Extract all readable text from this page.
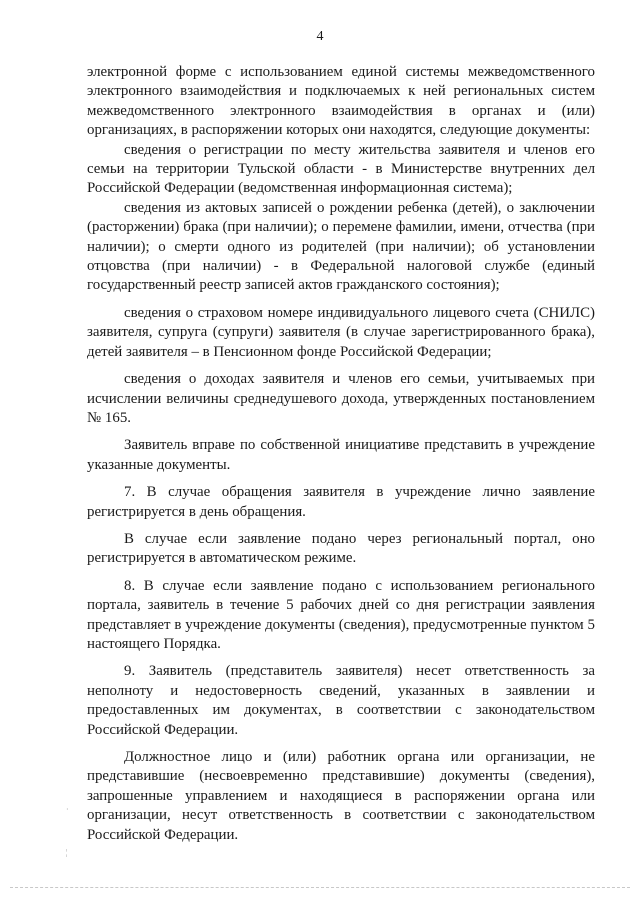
4

электронной форме с использованием единой системы межведомственного электронного взаимодействия и подключаемых к ней региональных систем межведомственного электронного взаимодействия в органах и (или) организациях, в распоряжении которых они находятся, следующие документы:

сведения о регистрации по месту жительства заявителя и членов его семьи на территории Тульской области - в Министерстве внутренних дел Российской Федерации (ведомственная информационная система);

сведения из актовых записей о рождении ребенка (детей), о заключении (расторжении) брака (при наличии); о перемене фамилии, имени, отчества (при наличии); о смерти одного из родителей (при наличии); об установлении отцовства (при наличии) - в Федеральной налоговой службе (единый государственный реестр записей актов гражданского состояния);

сведения о страховом номере индивидуального лицевого счета (СНИЛС) заявителя, супруга (супруги) заявителя (в случае зарегистрированного брака), детей заявителя – в Пенсионном фонде Российской Федерации;

сведения о доходах заявителя и членов его семьи, учитываемых при исчислении величины среднедушевого дохода, утвержденных постановлением № 165.

Заявитель вправе по собственной инициативе представить в учреждение указанные документы.

7. В случае обращения заявителя в учреждение лично заявление регистрируется в день обращения.

В случае если заявление подано через региональный портал, оно регистрируется в автоматическом режиме.

8. В случае если заявление подано с использованием регионального портала, заявитель в течение 5 рабочих дней со дня регистрации заявления представляет в учреждение документы (сведения), предусмотренные пунктом 5 настоящего Порядка.

9. Заявитель (представитель заявителя) несет ответственность за неполноту и недостоверность сведений, указанных в заявлении и предоставленных им документах, в соответствии с законодательством Российской Федерации.

Должностное лицо и (или) работник органа или организации, не представившие (несвоевременно представившие) документы (сведения), запрошенные управлением и находящиеся в распоряжении органа или организации, несут ответственность в соответствии с законодательством Российской Федерации.

·
¦
